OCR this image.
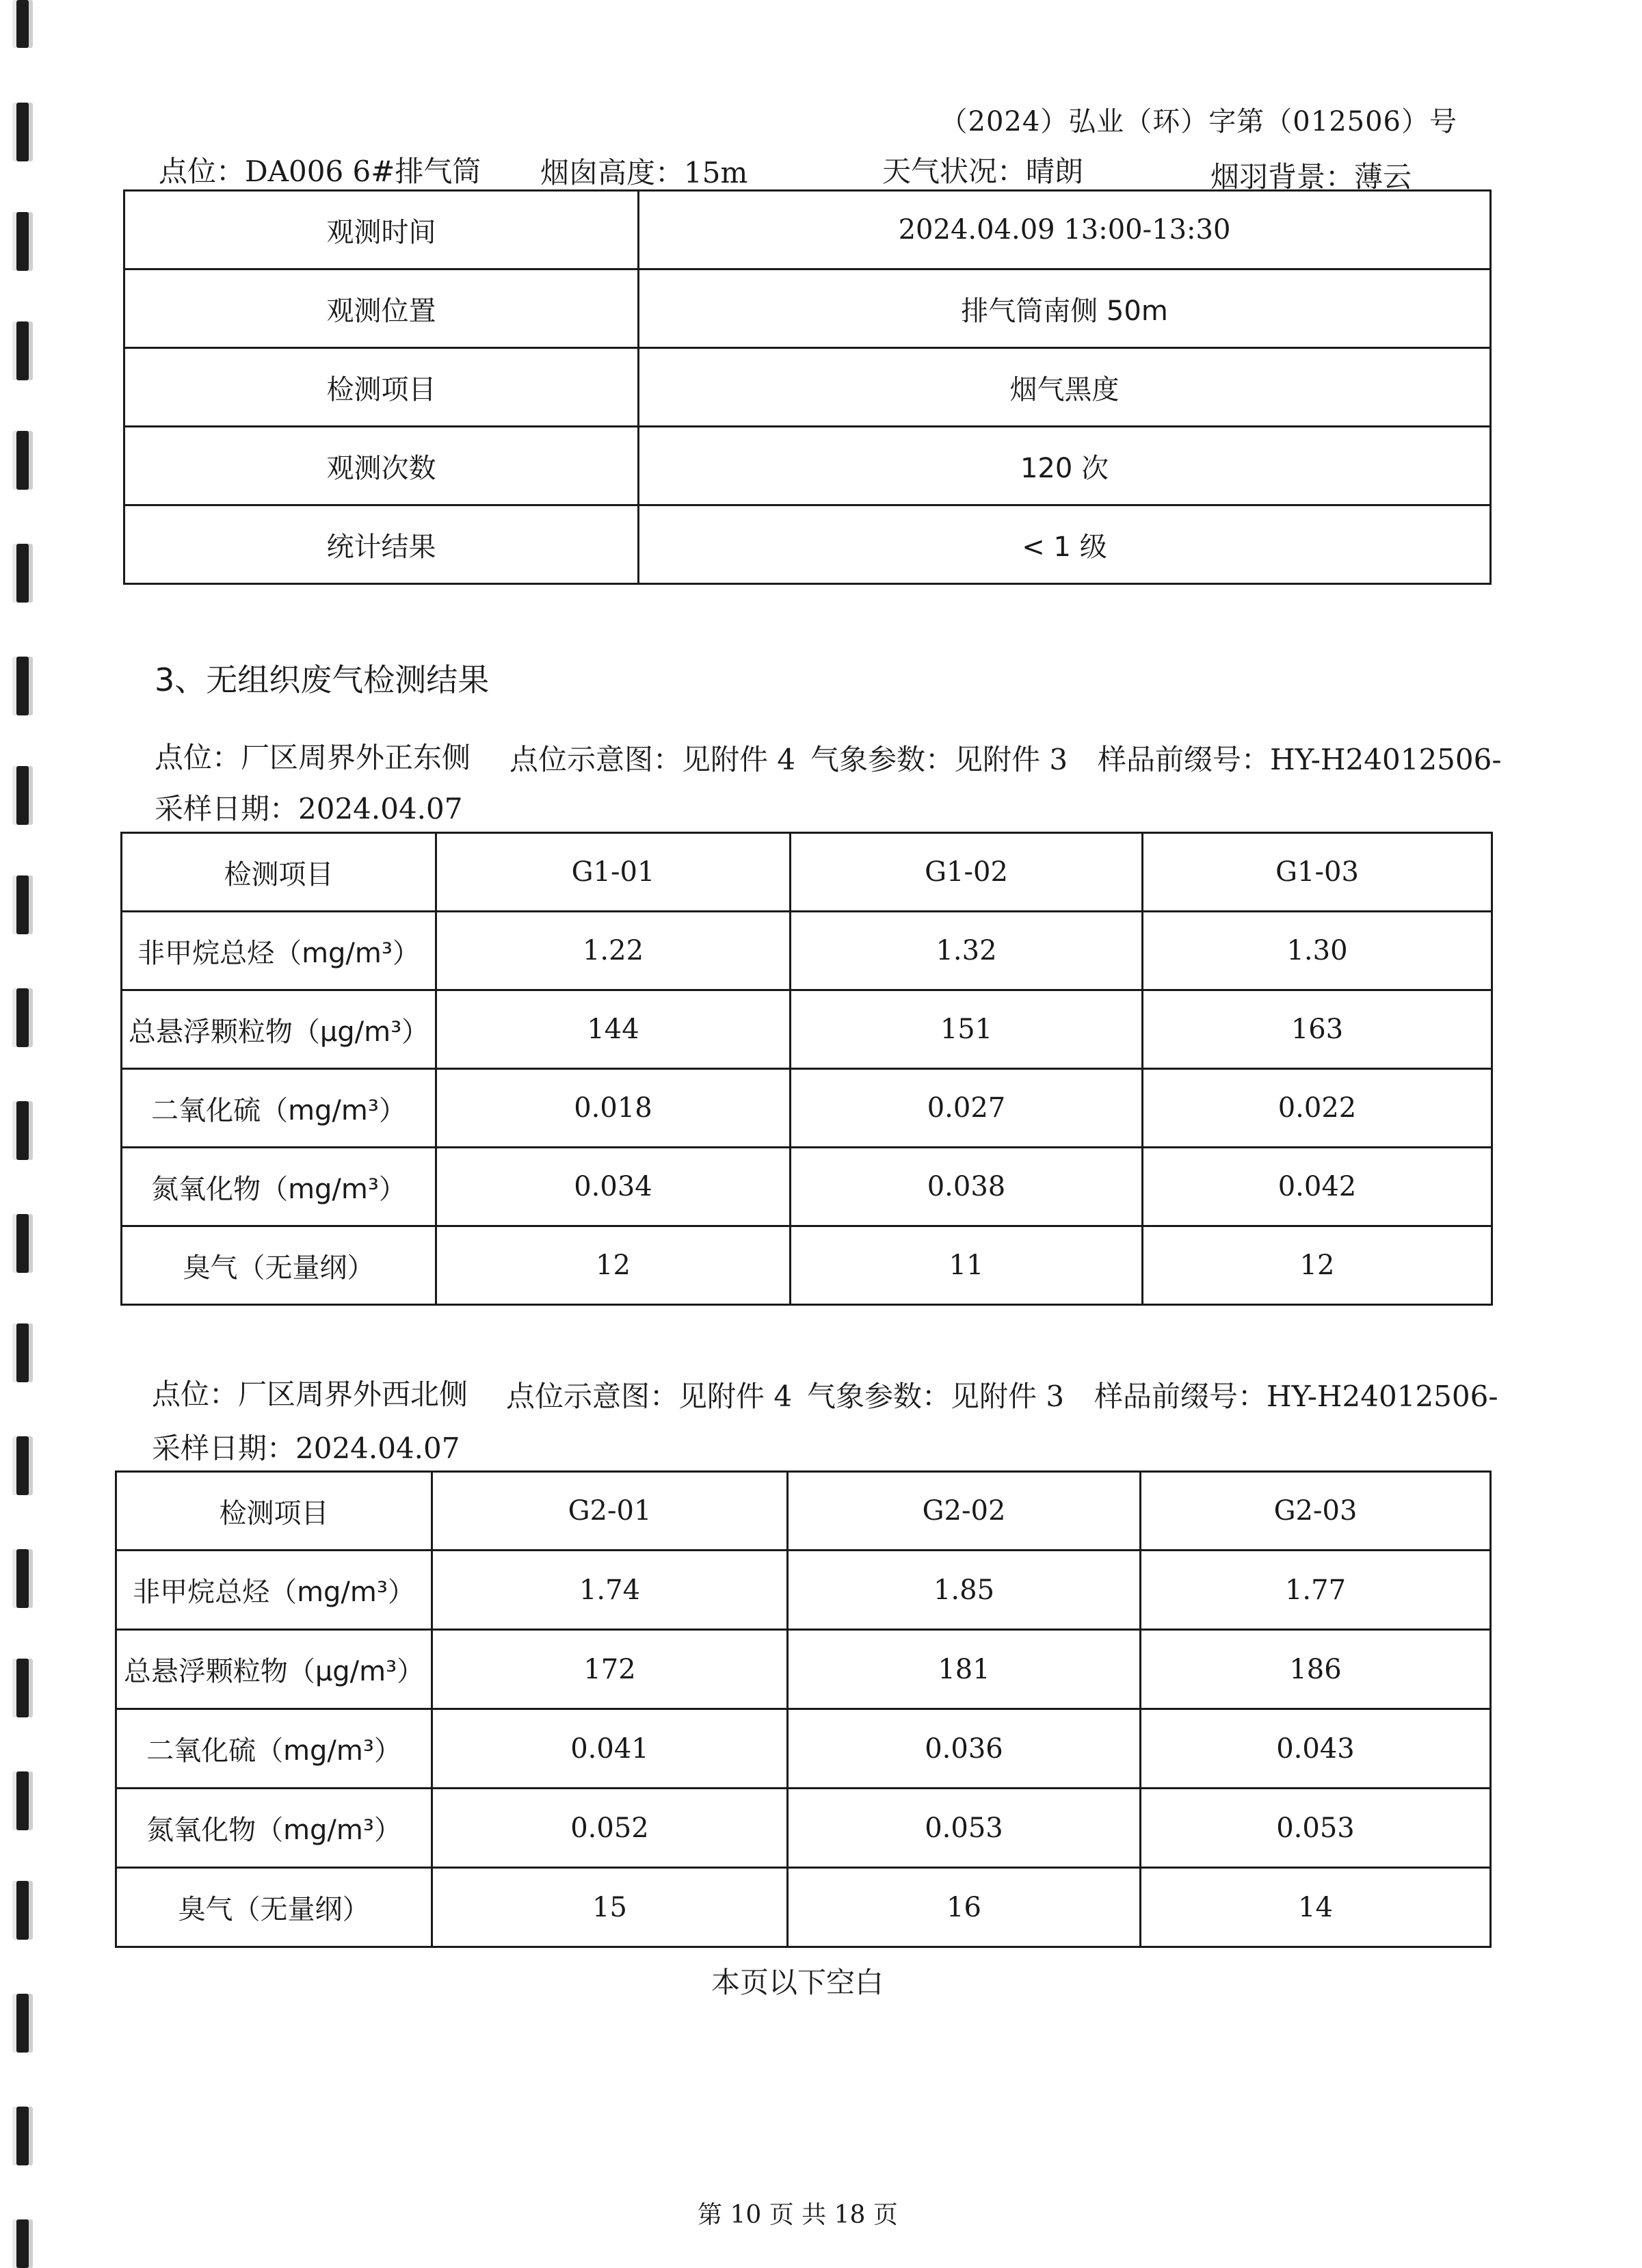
（2024）弘业（环）字第（012506）号
点位：DA006 6#排气筒 烟囱高度：15m	天气状况：晴朗	烟羽背景：薄云
观测时间	2024.04.09 13:00-13:30
观测位置	排气筒南侧 50m
检测项目	烟气黑度
观测次数	120 次
统计结果	< 1 级
3、无组织废气检测结果
点位：厂区周界外正东侧 点位示意图：见附件 4 气象参数：见附件 3 样品前缀号：HY-H24012506-
采样日期：2024.04.07
检测项目	G1-01	G1-02	G1-03
非甲烷总烃（mg/m³）	1.22	1.32	1.30
总悬浮颗粒物（μg/m³）	144	151	163
二氧化硫（mg/m³）	0.018	0.027	0.022
氮氧化物（mg/m³）	0.034	0.038	0.042
臭气（无量纲）	12	11	12
点位：厂区周界外西北侧 点位示意图：见附件 4 气象参数：见附件 3 样品前缀号：HY-H24012506-
采样日期：2024.04.07
检测项目	G2-01	G2-02	G2-03
非甲烷总烃（mg/m³）	1.74	1.85	1.77
总悬浮颗粒物（μg/m³）	172	181	186
二氧化硫（mg/m³）	0.041	0.036	0.043
氮氧化物（mg/m³）	0.052	0.053	0.053
臭气（无量纲）	15	16	14
本页以下空白
第 10 页 共 18 页
